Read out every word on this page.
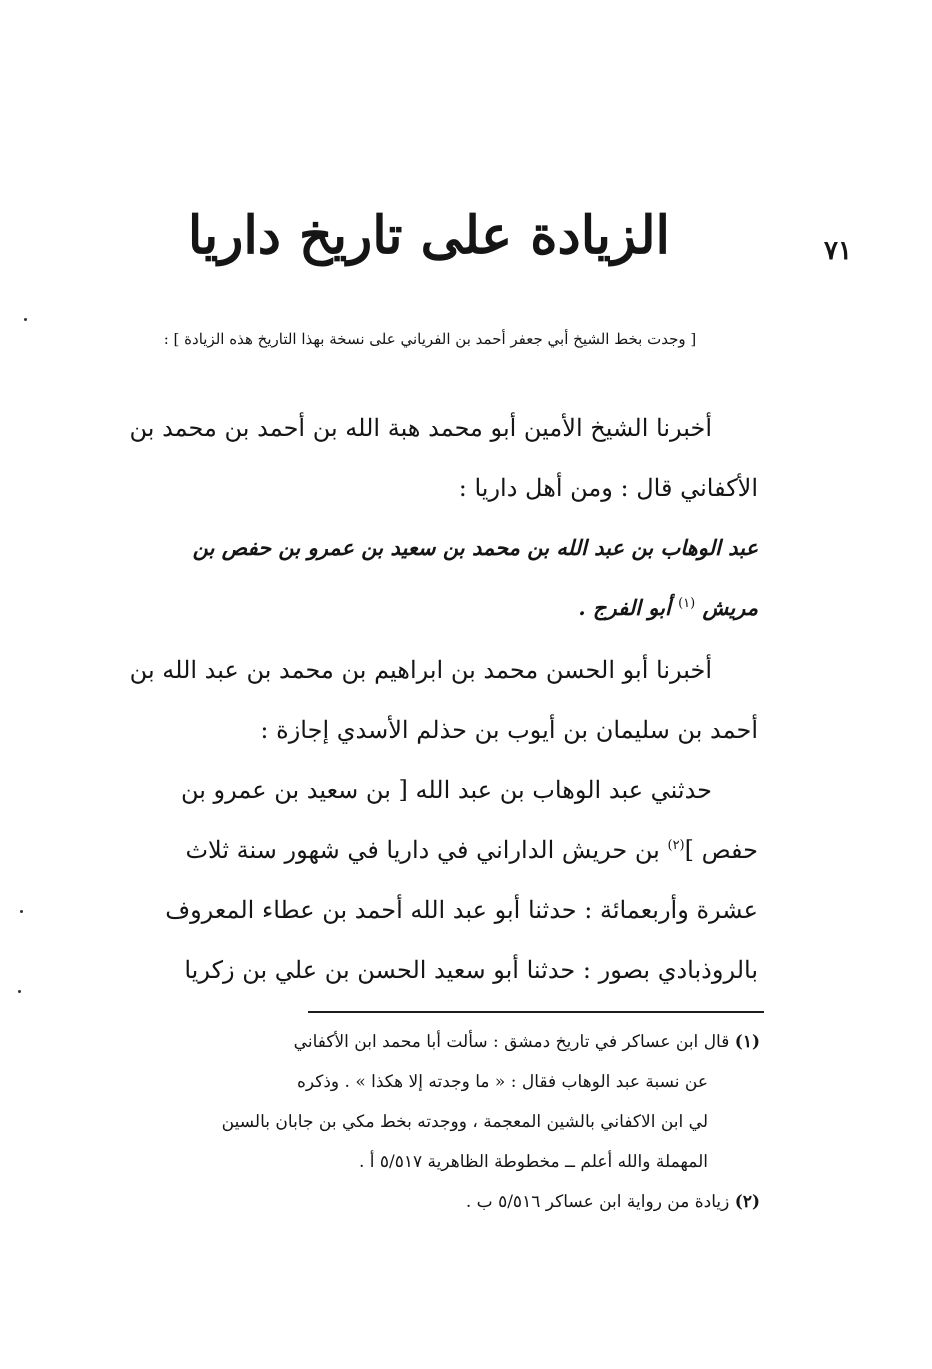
٧١
الزيادة على تاريخ داريا
[ وجدت بخط الشيخ أبي جعفر أحمد بن الفرياني على نسخة بهذا التاريخ هذه الزيادة ] :
أخبرنا الشيخ الأمين أبو محمد هبة الله بن أحمد بن محمد بن
الأكفاني قال : ومن أهل داريا :
عبد الوهاب بن عبد الله بن محمد بن سعيد بن عمرو بن حفص بن
مريش $^{(١)}$ أبو الفرج .
أخبرنا أبو الحسن محمد بن ابراهيم بن محمد بن عبد الله بن
أحمد بن سليمان بن أيوب بن حذلم الأسدي إجازة :
حدثني عبد الوهاب بن عبد الله [ بن سعيد بن عمرو بن
حفص ]$^{(٢)}$ بن حريش الداراني في داريا في شهور سنة ثلاث
عشرة وأربعمائة : حدثنا أبو عبد الله أحمد بن عطاء المعروف
بالروذبادي بصور : حدثنا أبو سعيد الحسن بن علي بن زكريا
(١) قال ابن عساكر في تاريخ دمشق : سألت أبا محمد ابن الأكفاني
عن نسبة عبد الوهاب فقال : « ما وجدته إلا هكذا » . وذكره
لي ابن الاكفاني بالشين المعجمة ، ووجدته بخط مكي بن جابان بالسين
المهملة والله أعلم ــ مخطوطة الظاهرية ٥/٥١٧ أ .
(٢) زيادة من رواية ابن عساكر ٥/٥١٦ ب .
